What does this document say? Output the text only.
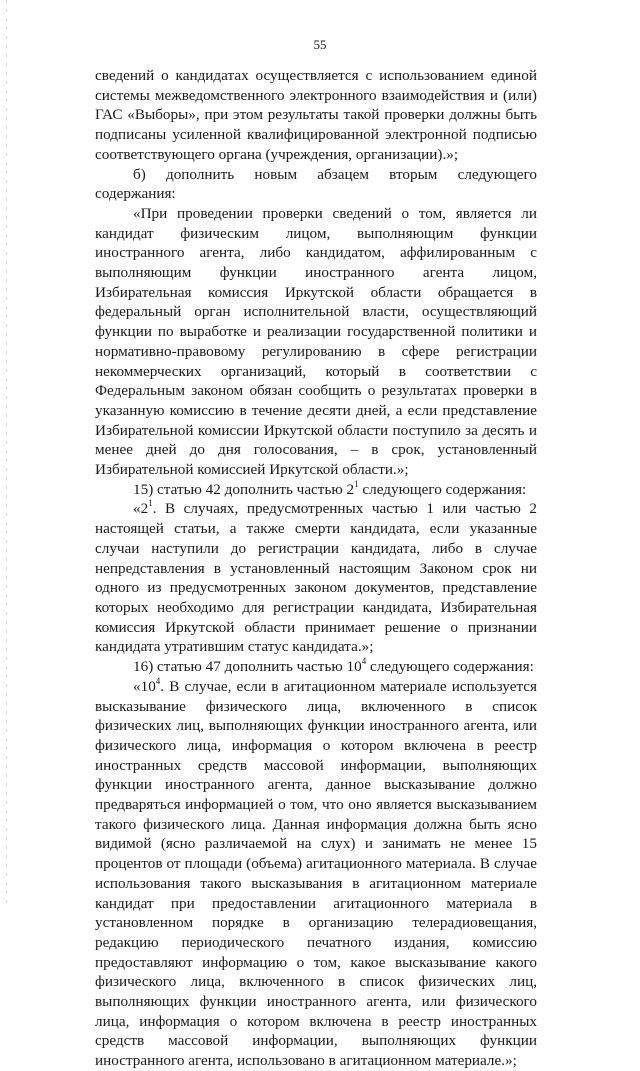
55

сведений о кандидатах осуществляется с использованием единой системы межведомственного электронного взаимодействия и (или) ГАС «Выборы», при этом результаты такой проверки должны быть подписаны усиленной квалифицированной электронной подписью соответствующего органа (учреждения, организации).»;

б) дополнить новым абзацем вторым следующего содержания:

«При проведении проверки сведений о том, является ли кандидат физическим лицом, выполняющим функции иностранного агента, либо кандидатом, аффилированным с выполняющим функции иностранного агента лицом, Избирательная комиссия Иркутской области обращается в федеральный орган исполнительной власти, осуществляющий функции по выработке и реализации государственной политики и нормативно-правовому регулированию в сфере регистрации некоммерческих организаций, который в соответствии с Федеральным законом обязан сообщить о результатах проверки в указанную комиссию в течение десяти дней, а если представление Избирательной комиссии Иркутской области поступило за десять и менее дней до дня голосования, – в срок, установленный Избирательной комиссией Иркутской области.»;

15) статью 42 дополнить частью $2^1$ следующего содержания:

«$2^1$. В случаях, предусмотренных частью 1 или частью 2 настоящей статьи, а также смерти кандидата, если указанные случаи наступили до регистрации кандидата, либо в случае непредставления в установленный настоящим Законом срок ни одного из предусмотренных законом документов, представление которых необходимо для регистрации кандидата, Избирательная комиссия Иркутской области принимает решение о признании кандидата утратившим статус кандидата.»;

16) статью 47 дополнить частью $10^4$ следующего содержания:

«$10^4$. В случае, если в агитационном материале используется высказывание физического лица, включенного в список физических лиц, выполняющих функции иностранного агента, или физического лица, информация о котором включена в реестр иностранных средств массовой информации, выполняющих функции иностранного агента, данное высказывание должно предваряться информацией о том, что оно является высказыванием такого физического лица. Данная информация должна быть ясно видимой (ясно различаемой на слух) и занимать не менее 15 процентов от площади (объема) агитационного материала. В случае использования такого высказывания в агитационном материале кандидат при предоставлении агитационного материала в установленном порядке в организацию телерадиовещания, редакцию периодического печатного издания, комиссию предоставляют информацию о том, какое высказывание какого физического лица, включенного в список физических лиц, выполняющих функции иностранного агента, или физического лица, информация о котором включена в реестр иностранных средств массовой информации, выполняющих функции иностранного агента, использовано в агитационном материале.»;
